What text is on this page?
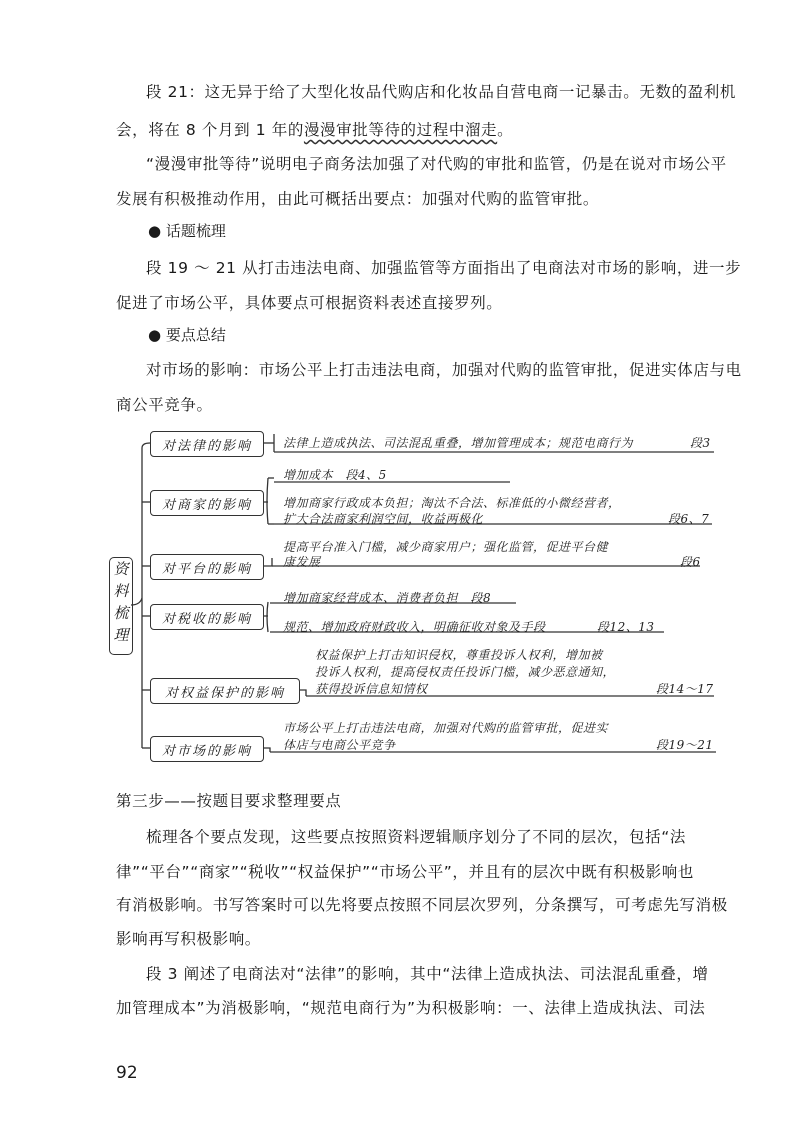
段 21：这无异于给了大型化妆品代购店和化妆品自营电商一记暴击。无数的盈利机
会，将在 8 个月到 1 年的漫漫审批等待的过程中溜走。
“漫漫审批等待”说明电子商务法加强了对代购的审批和监管，仍是在说对市场公平
发展有积极推动作用，由此可概括出要点：加强对代购的监管审批。
● 话题梳理
段 19 ～ 21 从打击违法电商、加强监管等方面指出了电商法对市场的影响，进一步
促进了市场公平，具体要点可根据资料表述直接罗列。
● 要点总结
对市场的影响：市场公平上打击违法电商，加强对代购的监管审批，促进实体店与电
商公平竞争。
资料梳理
对法律的影响	法律上造成执法、司法混乱重叠，增加管理成本；规范电商行为	段3
对商家的影响
增加成本　段4、5
增加商家行政成本负担；淘汰不合法、标准低的小微经营者，
扩大合法商家利润空间，收益两极化	段6、7
对平台的影响
提高平台准入门槛，减少商家用户；强化监管，促进平台健
康发展	段6
对税收的影响
增加商家经营成本、消费者负担　段8
规范、增加政府财政收入，明确征收对象及手段	段12、13
对权益保护的影响
权益保护上打击知识侵权，尊重投诉人权利，增加被
投诉人权利，提高侵权责任投诉门槛，减少恶意通知，
获得投诉信息知情权	段14～17
对市场的影响
市场公平上打击违法电商，加强对代购的监管审批，促进实
体店与电商公平竞争	段19～21
第三步——按题目要求整理要点
梳理各个要点发现，这些要点按照资料逻辑顺序划分了不同的层次，包括“法
律”“平台”“商家”“税收”“权益保护”“市场公平”，并且有的层次中既有积极影响也
有消极影响。书写答案时可以先将要点按照不同层次罗列，分条撰写，可考虑先写消极
影响再写积极影响。
段 3 阐述了电商法对“法律”的影响，其中“法律上造成执法、司法混乱重叠，增
加管理成本”为消极影响，“规范电商行为”为积极影响：一、法律上造成执法、司法
92
